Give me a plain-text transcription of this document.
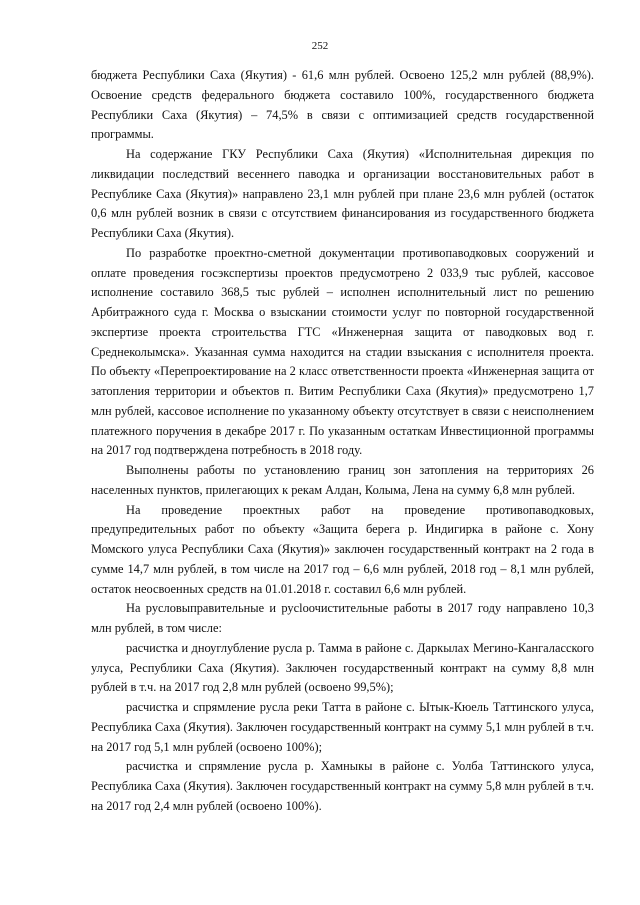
252

бюджета Республики Саха (Якутия) - 61,6 млн рублей. Освоено 125,2 млн рублей (88,9%). Освоение средств федерального бюджета составило 100%, государственного бюджета Республики Саха (Якутия) – 74,5% в связи с оптимизацией средств государственной программы.

На содержание ГКУ Республики Саха (Якутия) «Исполнительная дирекция по ликвидации последствий весеннего паводка и организации восстановительных работ в Республике Саха (Якутия)» направлено 23,1 млн рублей при плане 23,6 млн рублей (остаток 0,6 млн рублей возник в связи с отсутствием финансирования из государственного бюджета Республики Саха (Якутия).

По разработке проектно-сметной документации противопаводковых сооружений и оплате проведения госэкспертизы проектов предусмотрено 2 033,9 тыс рублей, кассовое исполнение составило 368,5 тыс рублей – исполнен исполнительный лист по решению Арбитражного суда г. Москва о взыскании стоимости услуг по повторной государственной экспертизе проекта строительства ГТС «Инженерная защита от паводковых вод г. Среднеколымска». Указанная сумма находится на стадии взыскания с исполнителя проекта. По объекту «Перепроектирование на 2 класс ответственности проекта «Инженерная защита от затопления территории и объектов п. Витим Республики Саха (Якутия)» предусмотрено 1,7 млн рублей, кассовое исполнение по указанному объекту отсутствует в связи с неисполнением платежного поручения в декабре 2017 г. По указанным остаткам Инвестиционной программы на 2017 год подтверждена потребность в 2018 году.

Выполнены работы по установлению границ зон затопления на территориях 26 населенных пунктов, прилегающих к рекам Алдан, Колыма, Лена на сумму 6,8 млн рублей.

На проведение проектных работ на проведение противопаводковых, предупредительных работ по объекту «Защита берега р. Индигирка в районе с. Хону Момского улуса Республики Саха (Якутия)» заключен государственный контракт на 2 года в сумме 14,7 млн рублей, в том числе на 2017 год – 6,6 млн рублей, 2018 год – 8,1 млн рублей, остаток неосвоенных средств на 01.01.2018 г. составил 6,6 млн рублей.

На русловыправительные и русloочистительные работы в 2017 году направлено 10,3 млн рублей, в том числе:

расчистка и дноуглубление русла р. Тамма в районе с. Даркылах Мегино-Кангаласского улуса, Республики Саха (Якутия). Заключен государственный контракт на сумму 8,8 млн рублей в т.ч. на 2017 год 2,8 млн рублей (освоено 99,5%);

расчистка и спрямление русла реки Татта в районе с. Ытык-Кюель Таттинского улуса, Республика Саха (Якутия). Заключен государственный контракт на сумму 5,1 млн рублей в т.ч. на 2017 год 5,1 млн рублей (освоено 100%);

расчистка и спрямление русла р. Хамныкы в районе с. Уолба Таттинского улуса, Республика Саха (Якутия). Заключен государственный контракт на сумму 5,8 млн рублей в т.ч. на 2017 год 2,4 млн рублей (освоено 100%).
